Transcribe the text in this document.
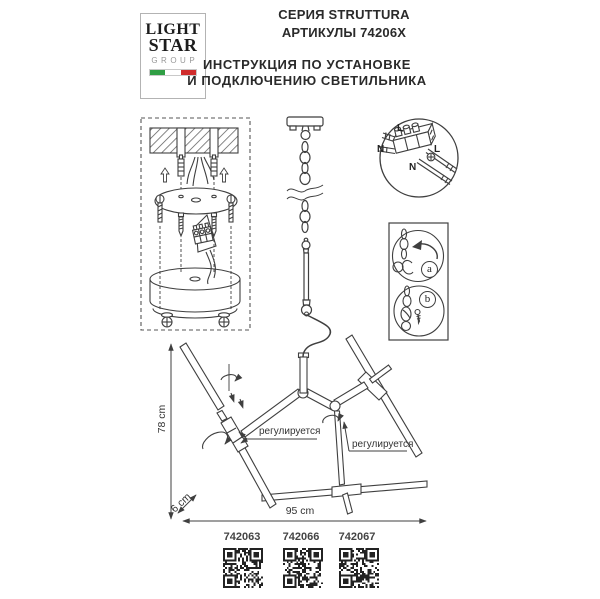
LIGHT
STAR
GROUP
СЕРИЯ STRUTTURA
АРТИКУЛЫ 74206X
ИНСТРУКЦИЯ ПО УСТАНОВКЕ
И ПОДКЛЮЧЕНИЮ СВЕТИЛЬНИКА
L
N	L
N
a
b
регулируется
регулируется
78 cm
95 cm
6 cm
742063	742066	742067
